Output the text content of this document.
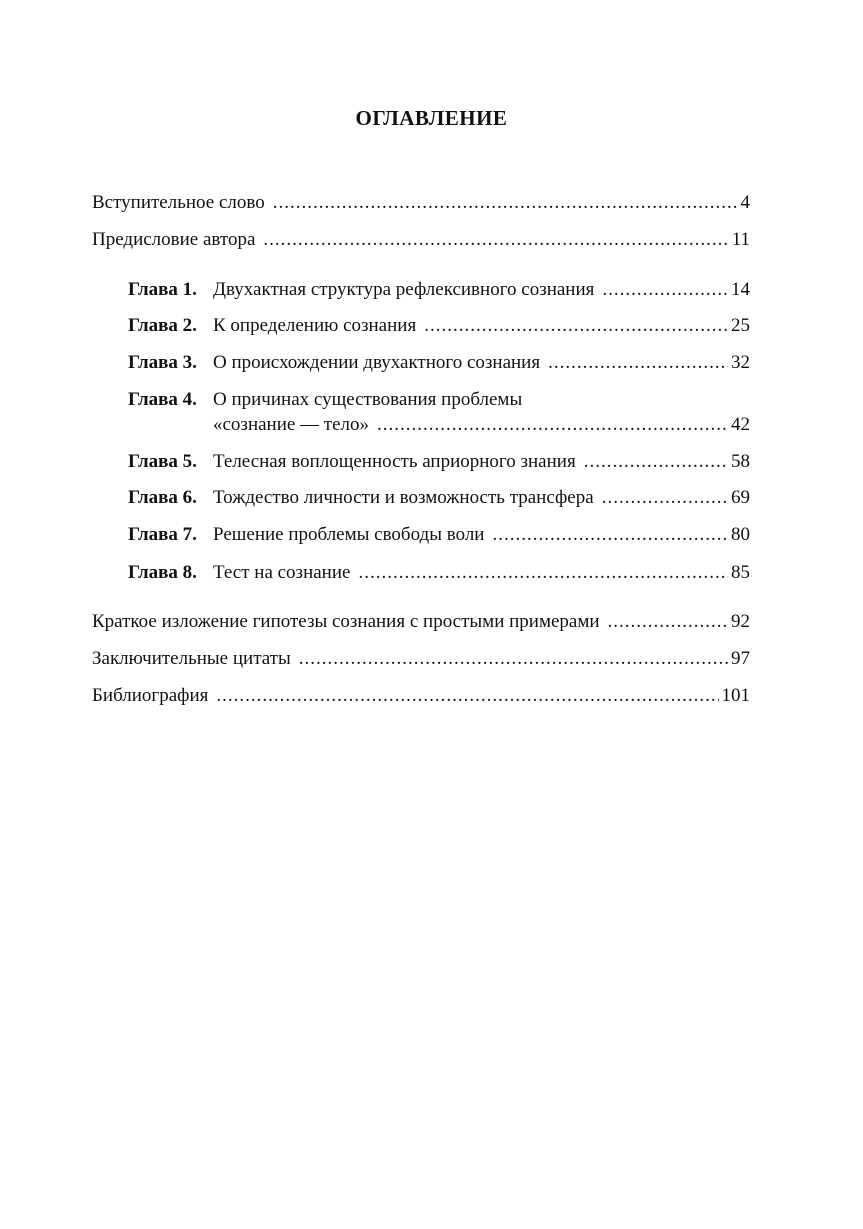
ОГЛАВЛЕНИЕ
Вступительное слово .....	4
Предисловие автора .....	11
Глава 1. Двухактная структура рефлексивного сознания .....	14
Глава 2. К определению сознания .....	25
Глава 3. О происхождении двухактного сознания .....	32
Глава 4. О причинах существования проблемы
«сознание — тело» .....	42
Глава 5. Телесная воплощенность априорного знания .....	58
Глава 6. Тождество личности и возможность трансфера .....	69
Глава 7. Решение проблемы свободы воли .....	80
Глава 8. Тест на сознание .....	85
Краткое изложение гипотезы сознания с простыми примерами .....	92
Заключительные цитаты .....	97
Библиография .....	101
